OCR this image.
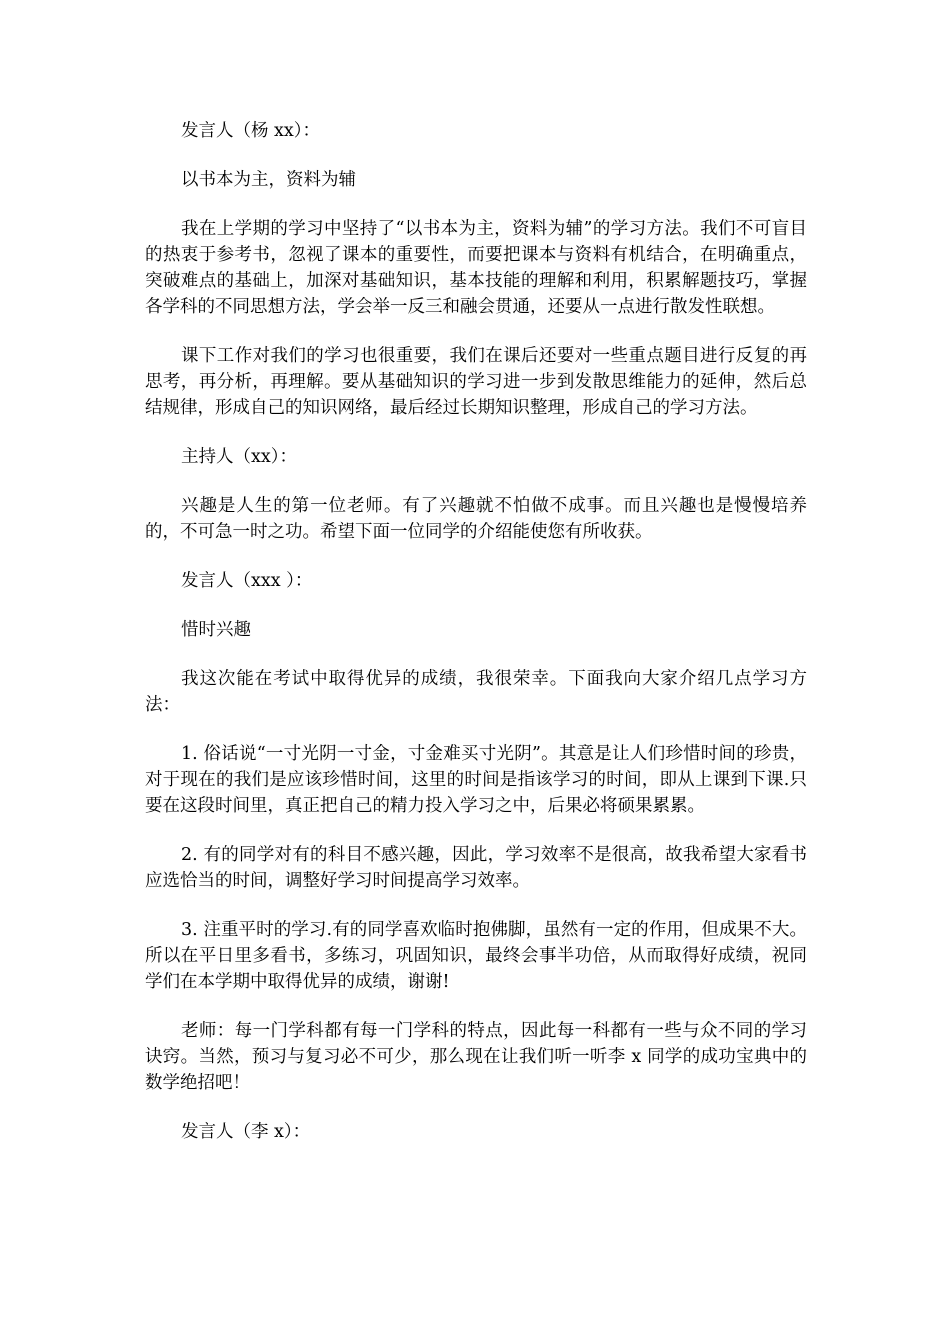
发言人（杨 xx）：

以书本为主，资料为辅

我在上学期的学习中坚持了“以书本为主，资料为辅”的学习方法。我们不可盲目的热衷于参考书，忽视了课本的重要性，而要把课本与资料有机结合，在明确重点，突破难点的基础上，加深对基础知识，基本技能的理解和利用，积累解题技巧，掌握各学科的不同思想方法，学会举一反三和融会贯通，还要从一点进行散发性联想。

课下工作对我们的学习也很重要，我们在课后还要对一些重点题目进行反复的再思考，再分析，再理解。要从基础知识的学习进一步到发散思维能力的延伸，然后总结规律，形成自己的知识网络，最后经过长期知识整理，形成自己的学习方法。

主持人（xx）：

兴趣是人生的第一位老师。有了兴趣就不怕做不成事。而且兴趣也是慢慢培养的，不可急一时之功。希望下面一位同学的介绍能使您有所收获。

发言人（xxx ）：

惜时兴趣

我这次能在考试中取得优异的成绩，我很荣幸。下面我向大家介绍几点学习方法：

1. 俗话说“一寸光阴一寸金，寸金难买寸光阴”。其意是让人们珍惜时间的珍贵，对于现在的我们是应该珍惜时间，这里的时间是指该学习的时间，即从上课到下课.只要在这段时间里，真正把自己的精力投入学习之中，后果必将硕果累累。

2. 有的同学对有的科目不感兴趣，因此，学习效率不是很高，故我希望大家看书应选恰当的时间，调整好学习时间提高学习效率。

3. 注重平时的学习.有的同学喜欢临时抱佛脚，虽然有一定的作用，但成果不大。所以在平日里多看书，多练习，巩固知识，最终会事半功倍，从而取得好成绩，祝同学们在本学期中取得优异的成绩，谢谢!

老师：每一门学科都有每一门学科的特点，因此每一科都有一些与众不同的学习诀窍。当然，预习与复习必不可少，那么现在让我们听一听李 x 同学的成功宝典中的数学绝招吧！

发言人（李 x）：
